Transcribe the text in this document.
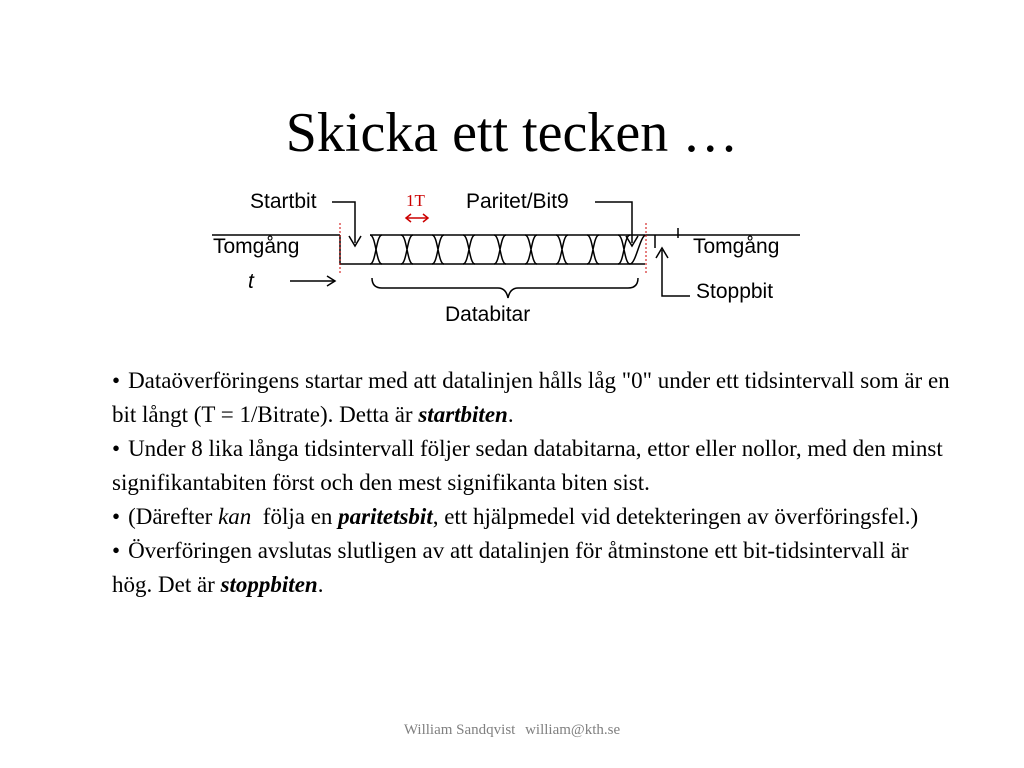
Skicka ett tecken …
Startbit	1T Paritet/Bit9
Tomgång	Tomgång
t	Stoppbit
Databitar

• Dataöverföringens startar med att datalinjen hålls låg "0" under ett tidsintervall som är en bit långt (T = 1/Bitrate). Detta är startbiten.

• Under 8 lika långa tidsintervall följer sedan databitarna, ettor eller nollor, med den minst signifikantabiten först och den mest signifikanta biten sist.

• (Därefter kan  följa en paritetsbit, ett hjälpmedel vid detekteringen av överföringsfel.)

• Överföringen avslutas slutligen av att datalinjen för åtminstone ett bit-tidsintervall är hög. Det är stoppbiten.

William Sandqvist william@kth.se
